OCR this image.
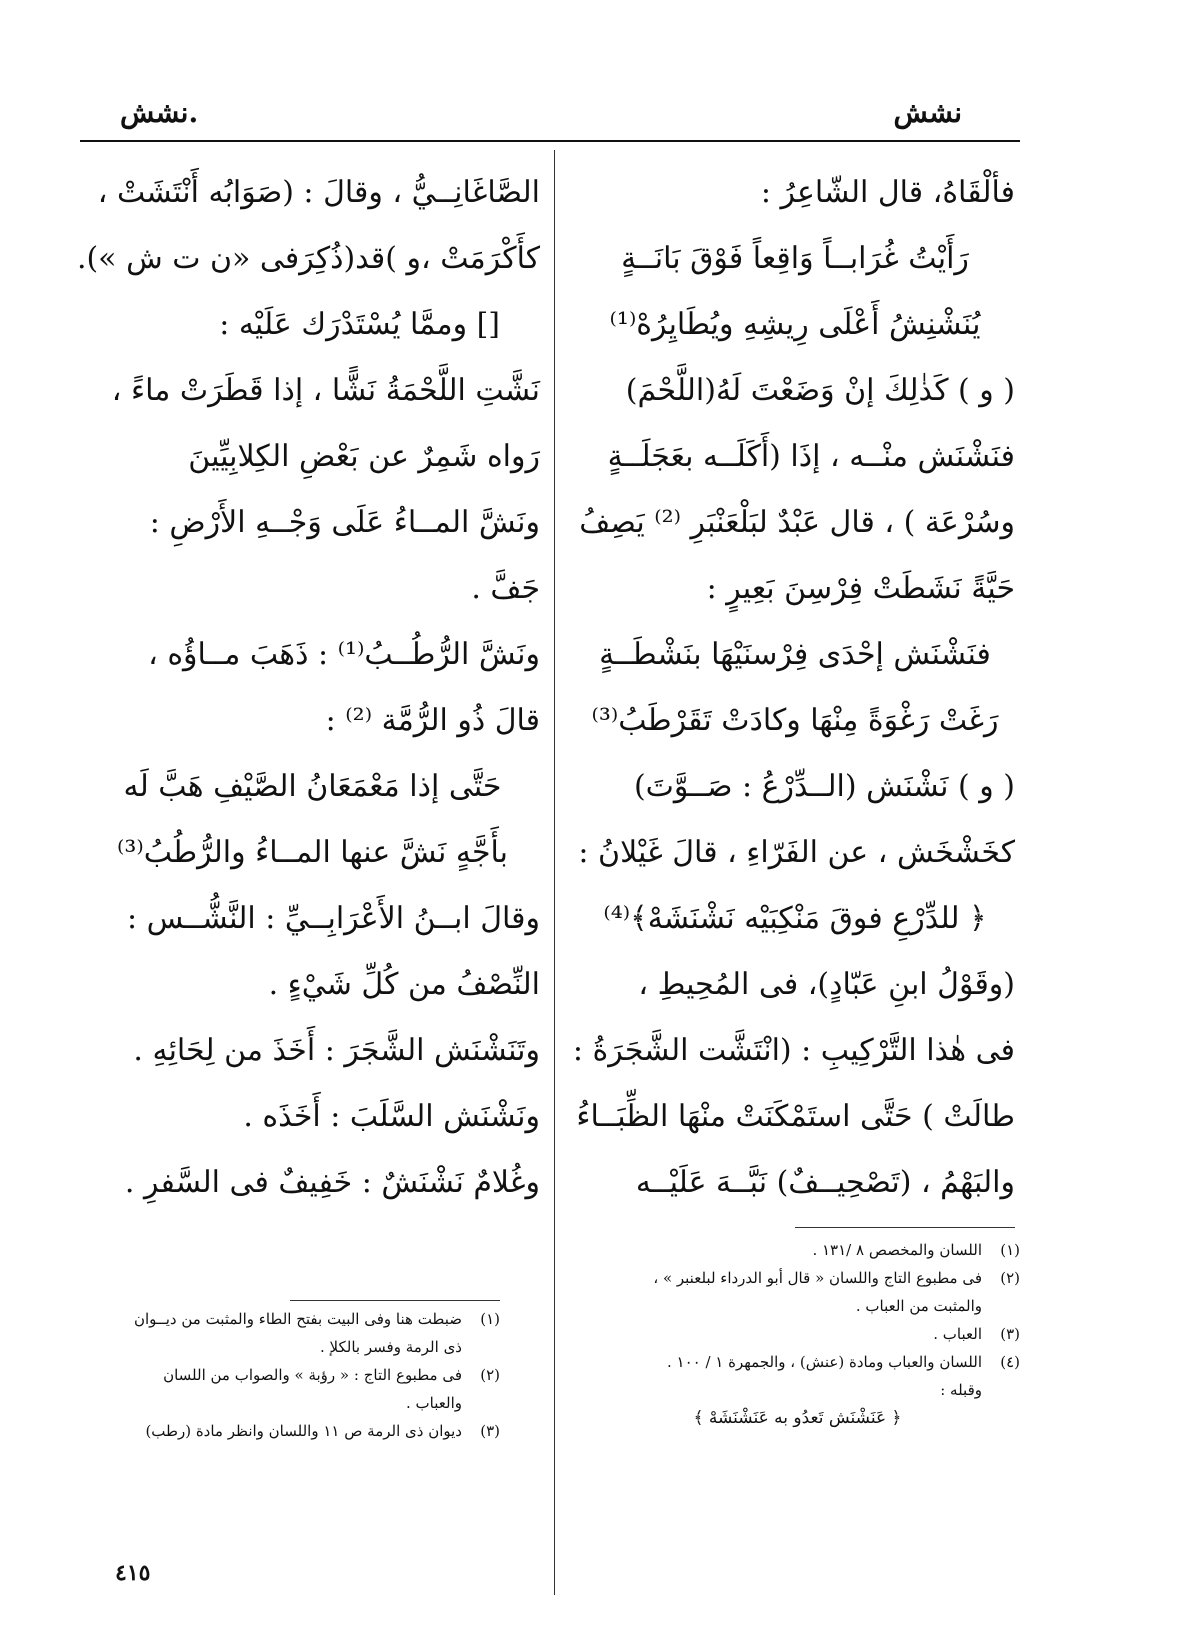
نشش
.نشش
فألْقَاهُ، قال الشّاعِرُ :
رَأَيْتُ غُرَابــاً وَاقِعاً فَوْقَ بَانَــةٍ
يُنَشْنِشُ أَعْلَى رِيشِهِ ويُطَايِرُهْ⁽¹⁾
( و ) كَذٰلِكَ إنْ وَضَعْتَ لَهُ(اللَّحْمَ)
فنَشْنَش منْــه ، إذَا (أَكَلَــه بعَجَلَــةٍ
وسُرْعَة ) ، قال عَبْدٌ لبَلْعَنْبَرِ ⁽²⁾ يَصِفُ
حَيَّةً نَشَطَتْ فِرْسِنَ بَعِيرٍ :
فنَشْنَش إحْدَى فِرْسنَيْهَا بنَشْطَــةٍ
رَغَتْ رَغْوَةً مِنْهَا وكادَتْ تَقَرْطَبُ⁽³⁾
( و ) نَشْنَش (الــدِّرْعُ : صَــوَّتَ)
كخَشْخَش ، عن الفَرّاءِ ، قالَ غَيْلانُ :
﴿ للدِّرْعِ فوقَ مَنْكِبَيْه نَشْنَشَهْ﴾⁽⁴⁾
(وقَوْلُ ابنِ عَبّادٍ)، فى المُحِيطِ ،
فى هٰذا التَّرْكِيبِ : (انْتَشَّت الشَّجَرَةُ :
طالَتْ ) حَتَّى استَمْكَنَتْ منْهَا الظِّبَــاءُ
والبَهْمُ ، (تَصْحِيــفٌ) نَبَّــهَ عَلَيْــه
الصَّاغَانِــيُّ ، وقالَ : (صَوَابُه أَنْتَشَتْ ،
كأَكْرَمَتْ ،و )قد(ذُكِرَفى «ن ت ش »).
[] وممَّا يُسْتَدْرَك عَلَيْه :
نَشَّتِ اللَّحْمَةُ نَشًّا ، إذا قَطَرَتْ ماءً ،
رَواه شَمِرٌ عن بَعْضِ الكِلابِيِّينَ
ونَشَّ المــاءُ عَلَى وَجْــهِ الأَرْضِ :
جَفَّ .
ونَشَّ الرُّطُــبُ⁽¹⁾ : ذَهَبَ مــاؤُه ،
قالَ ذُو الرُّمَّة ⁽²⁾ :
حَتَّى إذا مَعْمَعَانُ الصَّيْفِ هَبَّ لَه
بأَجَّهٍ نَشَّ عنها المــاءُ والرُّطُبُ⁽³⁾
وقالَ ابــنُ الأَعْرَابِــيِّ : النَّشُّــس :
النِّصْفُ من كُلِّ شَيْءٍ .
وتَنَشْنَش الشَّجَرَ : أَخَذَ من لِحَائِهِ .
ونَشْنَش السَّلَبَ : أَخَذَه .
وغُلامٌ نَشْنَشٌ : خَفِيفٌ فى السَّفرِ .
(١)اللسان والمخصص ٨ /١٣١ .
(٢)فى مطبوع التاج واللسان « قال أبو الدرداء لبلعنبر » ،
والمثبت من العباب .
(٣)العباب .
(٤)اللسان والعباب ومادة (عنش) ، والجمهرة ١ / ١٠٠ .
وقبله :
﴿ عَنَشْنَش تَعدُو به عَنَشْنَشَهْ ﴾
(١)ضبطت هنا وفى البيت بفتح الطاء والمثبت من ديــوان
ذى الرمة وفسر بالكلإ .
(٢)فى مطبوع التاج : « رؤبة » والصواب من اللسان
والعباب .
(٣)ديوان ذى الرمة ص ١١ واللسان وانظر مادة (رطب)
٤١٥
